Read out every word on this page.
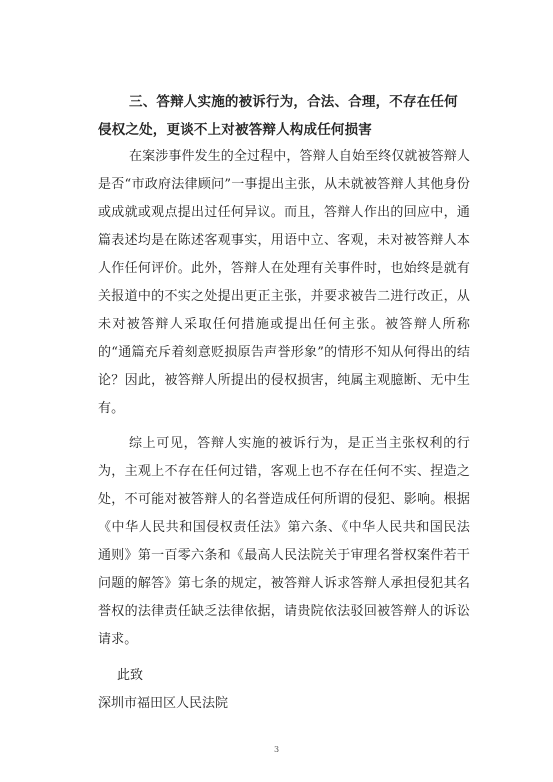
三、答辩人实施的被诉行为，合法、合理，不存在任何侵权之处，更谈不上对被答辩人构成任何损害

在案涉事件发生的全过程中，答辩人自始至终仅就被答辩人是否“市政府法律顾问”一事提出主张，从未就被答辩人其他身份或成就或观点提出过任何异议。而且，答辩人作出的回应中，通篇表述均是在陈述客观事实，用语中立、客观，未对被答辩人本人作任何评价。此外，答辩人在处理有关事件时，也始终是就有关报道中的不实之处提出更正主张，并要求被告二进行改正，从未对被答辩人采取任何措施或提出任何主张。被答辩人所称的“通篇充斥着刻意贬损原告声誉形象”的情形不知从何得出的结论？因此，被答辩人所提出的侵权损害，纯属主观臆断、无中生有。

综上可见，答辩人实施的被诉行为，是正当主张权利的行为，主观上不存在任何过错，客观上也不存在任何不实、捏造之处，不可能对被答辩人的名誉造成任何所谓的侵犯、影响。根据《中华人民共和国侵权责任法》第六条、《中华人民共和国民法通则》第一百零六条和《最高人民法院关于审理名誉权案件若干问题的解答》第七条的规定，被答辩人诉求答辩人承担侵犯其名誉权的法律责任缺乏法律依据，请贵院依法驳回被答辩人的诉讼请求。

此致
深圳市福田区人民法院
3
